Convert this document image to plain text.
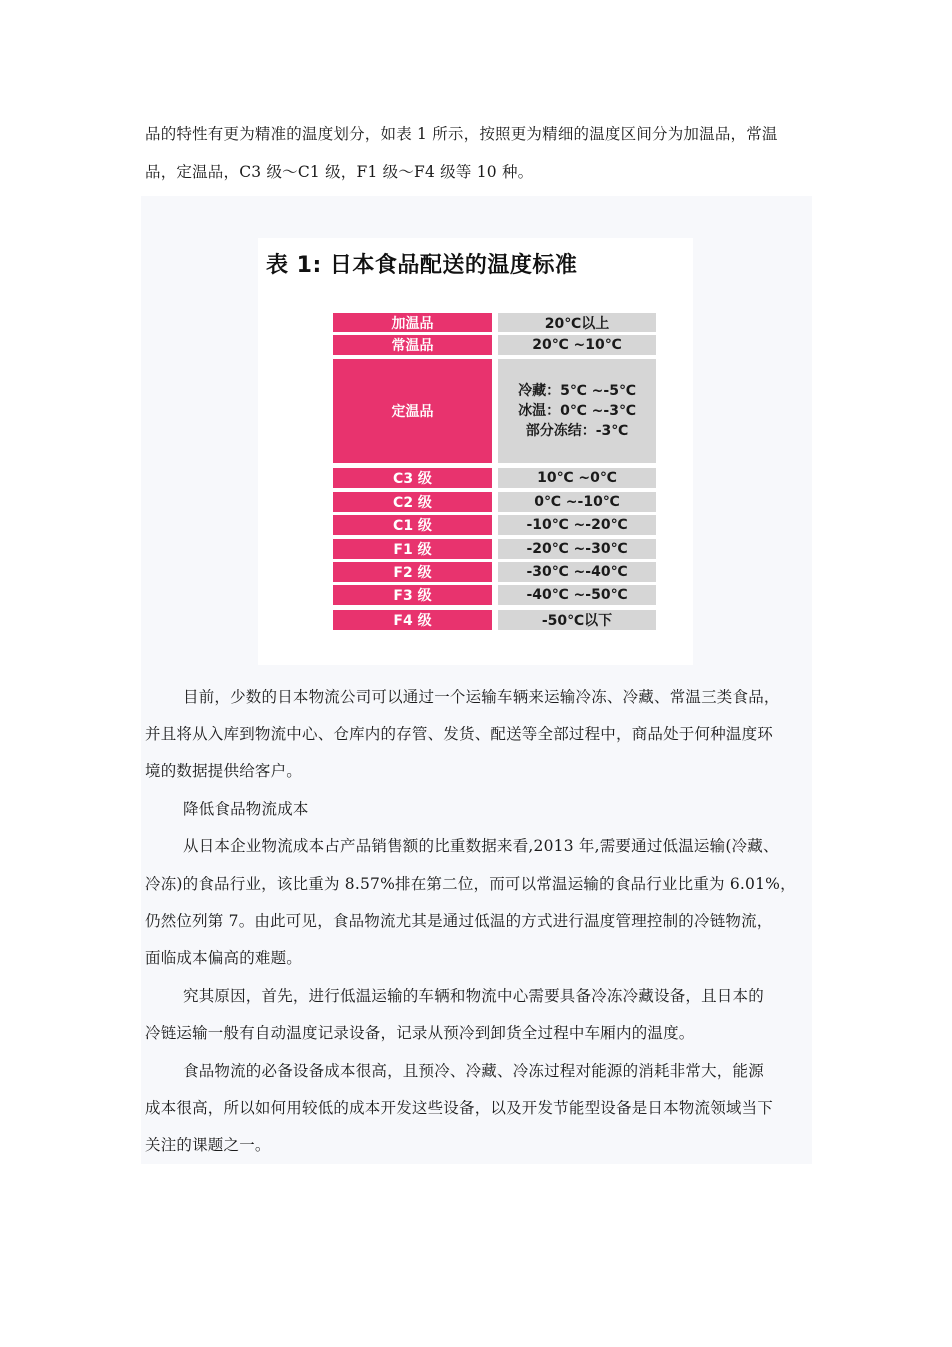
品的特性有更为精准的温度划分，如表 1 所示，按照更为精细的温度区间分为加温品，常温
品，定温品，C3 级～C1 级，F1 级～F4 级等 10 种。
表 1: 日本食品配送的温度标准
加温品	20℃以上
常温品	20℃ ~10℃
定温品
冷藏：5℃ ~-5℃
冰温：0℃ ~-3℃
部分冻结：-3℃
C3 级	10℃ ~0℃
C2 级	0℃ ~-10℃
C1 级	-10℃ ~-20℃
F1 级	-20℃ ~-30℃
F2 级	-30℃ ~-40℃
F3 级	-40℃ ~-50℃
F4 级	-50℃以下
目前，少数的日本物流公司可以通过一个运输车辆来运输冷冻、冷藏、常温三类食品，
并且将从入库到物流中心、仓库内的存管、发货、配送等全部过程中，商品处于何种温度环
境的数据提供给客户。
降低食品物流成本
从日本企业物流成本占产品销售额的比重数据来看,2013 年,需要通过低温运输(冷藏、
冷冻)的食品行业，该比重为 8.57%排在第二位，而可以常温运输的食品行业比重为 6.01%，
仍然位列第 7。由此可见，食品物流尤其是通过低温的方式进行温度管理控制的冷链物流，
面临成本偏高的难题。
究其原因，首先，进行低温运输的车辆和物流中心需要具备冷冻冷藏设备，且日本的
冷链运输一般有自动温度记录设备，记录从预冷到卸货全过程中车厢内的温度。
食品物流的必备设备成本很高，且预冷、冷藏、冷冻过程对能源的消耗非常大，能源
成本很高，所以如何用较低的成本开发这些设备，以及开发节能型设备是日本物流领域当下
关注的课题之一。
